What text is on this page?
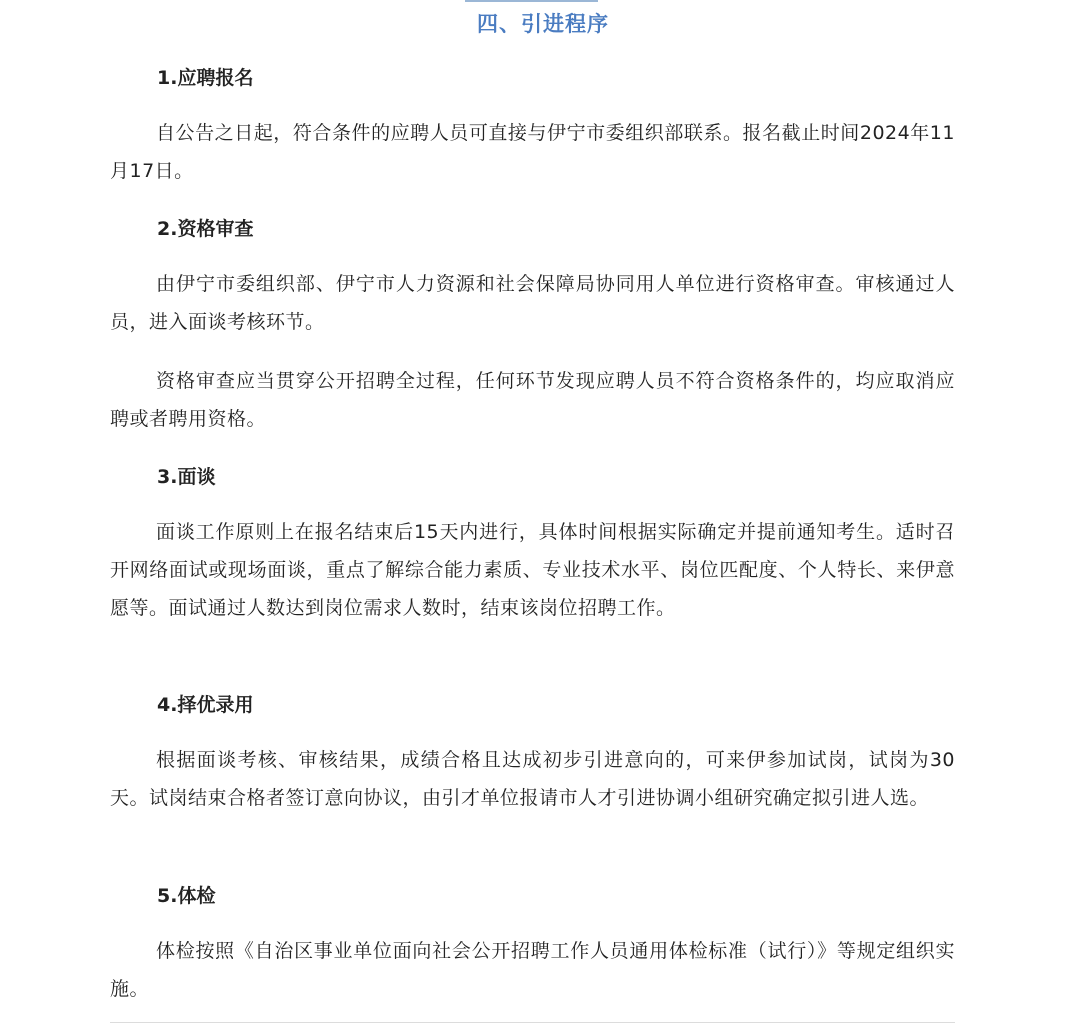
四、引进程序
1.应聘报名

自公告之日起，符合条件的应聘人员可直接与伊宁市委组织部联系。报名截止时间2024年11月17日。

2.资格审查

由伊宁市委组织部、伊宁市人力资源和社会保障局协同用人单位进行资格审查。审核通过人员，进入面谈考核环节。

资格审查应当贯穿公开招聘全过程，任何环节发现应聘人员不符合资格条件的，均应取消应聘或者聘用资格。

3.面谈

面谈工作原则上在报名结束后15天内进行，具体时间根据实际确定并提前通知考生。适时召开网络面试或现场面谈，重点了解综合能力素质、专业技术水平、岗位匹配度、个人特长、来伊意愿等。面试通过人数达到岗位需求人数时，结束该岗位招聘工作。

4.择优录用

根据面谈考核、审核结果，成绩合格且达成初步引进意向的，可来伊参加试岗，试岗为30天。试岗结束合格者签订意向协议，由引才单位报请市人才引进协调小组研究确定拟引进人选。

5.体检

体检按照《自治区事业单位面向社会公开招聘工作人员通用体检标准（试行）》等规定组织实施。
